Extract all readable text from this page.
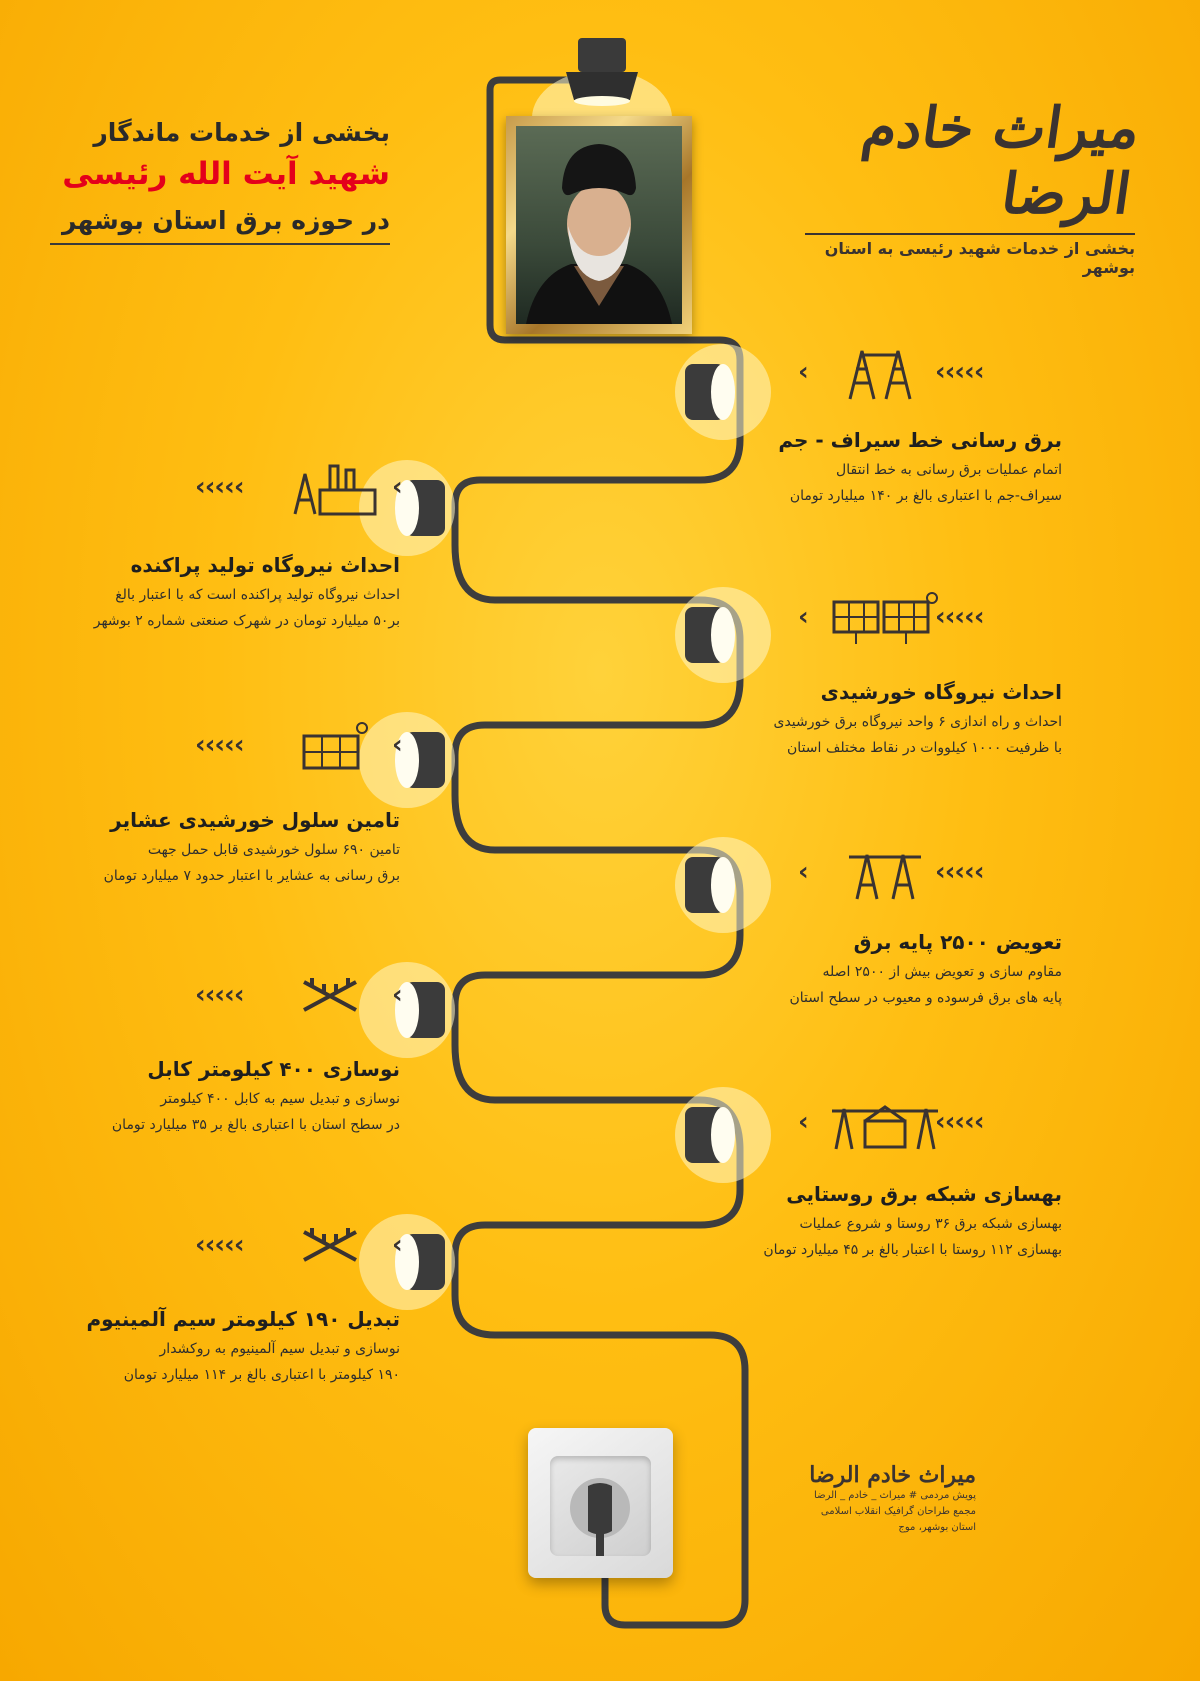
بخشی از خدمات ماندگار
شهید آیت الله رئیسی
در حوزه برق استان بوشهر
میراث خادم الرضا
بخشی از خدمات شهید رئیسی به استان بوشهر
برق رسانی خط سیراف - جم
اتمام عملیات برق رسانی به خط انتقال
سیراف-جم با اعتباری بالغ بر ۱۴۰ میلیارد تومان
احداث نیروگاه تولید پراکنده
احداث نیروگاه تولید پراکنده است که با اعتبار بالغ
بر۵۰ میلیارد تومان در شهرک صنعتی شماره ۲ بوشهر
احداث نیروگاه خورشیدی
احداث و راه اندازی ۶ واحد نیروگاه برق خورشیدی
با ظرفیت ۱۰۰۰ کیلووات در نقاط مختلف استان
تامین سلول خورشیدی عشایر
تامین ۶۹۰ سلول خورشیدی قابل حمل جهت
برق رسانی به عشایر با اعتبار حدود ۷ میلیارد تومان
تعویض ۲۵۰۰ پایه برق
مقاوم سازی و تعویض بیش از ۲۵۰۰ اصله
پایه های برق فرسوده و معیوب در سطح استان
نوسازی ۴۰۰ کیلومتر کابل
نوسازی و تبدیل سیم به کابل ۴۰۰ کیلومتر
در سطح استان با اعتباری بالغ بر ۳۵ میلیارد تومان
بهسازی شبکه برق روستایی
بهسازی شبکه برق ۳۶ روستا و شروع عملیات
بهسازی ۱۱۲ روستا با اعتبار بالغ بر ۴۵ میلیارد تومان
تبدیل ۱۹۰ کیلومتر سیم آلمینیوم
نوسازی و تبدیل سیم آلمینیوم به روکشدار
۱۹۰ کیلومتر با اعتباری بالغ بر ۱۱۴ میلیارد تومان
‹	‹‹‹‹‹
‹
‹‹‹‹‹
‹	‹‹‹‹‹
‹
‹‹‹‹‹
‹	‹‹‹‹‹
‹
‹‹‹‹‹
‹	‹‹‹‹‹
‹
‹‹‹‹‹
میراث خادم الرضا
پویش مردمی # میراث _ خادم _ الرضا
مجمع طراحان گرافیک انقلاب اسلامی
استان بوشهر، موج
